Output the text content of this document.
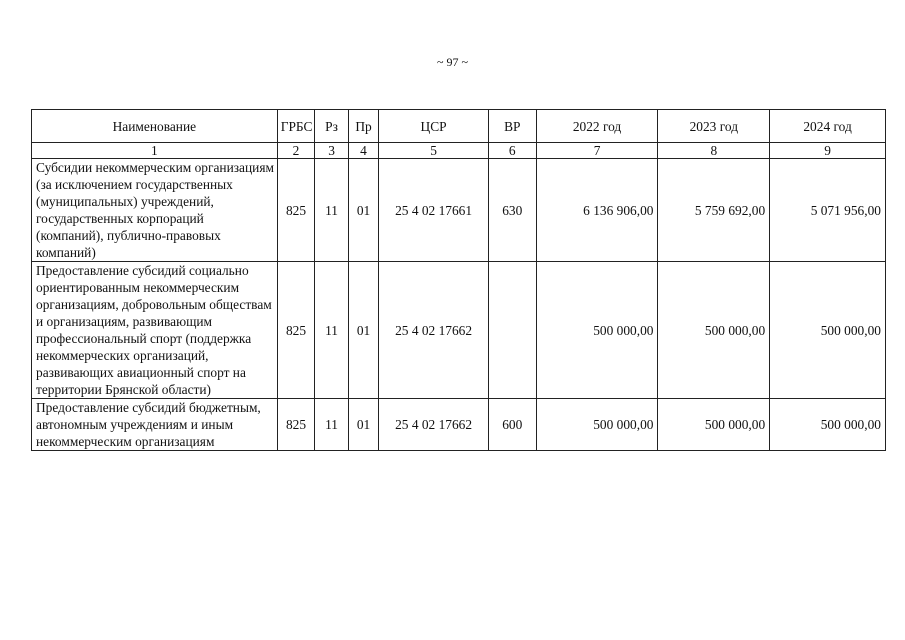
~ 97 ~
Наименование	ГРБС	Рз	Пр	ЦСР	ВР	2022 год	2023 год	2024 год
1	2	3	4	5	6	7	8	9
Субсидии некоммерческим организациям (за исключением государственных (муниципальных) учреждений, государственных корпораций (компаний), публично-правовых компаний)	825	11	01	25 4 02 17661	630	6 136 906,00	5 759 692,00	5 071 956,00
Предоставление субсидий социально ориентированным некоммерческим организациям, добровольным обществам и организациям, развивающим профессиональный спорт (поддержка некоммерческих организаций, развивающих авиационный спорт на территории Брянской области)	825	11	01	25 4 02 17662		500 000,00	500 000,00	500 000,00
Предоставление субсидий бюджетным, автономным учреждениям и иным некоммерческим организациям	825	11	01	25 4 02 17662	600	500 000,00	500 000,00	500 000,00
